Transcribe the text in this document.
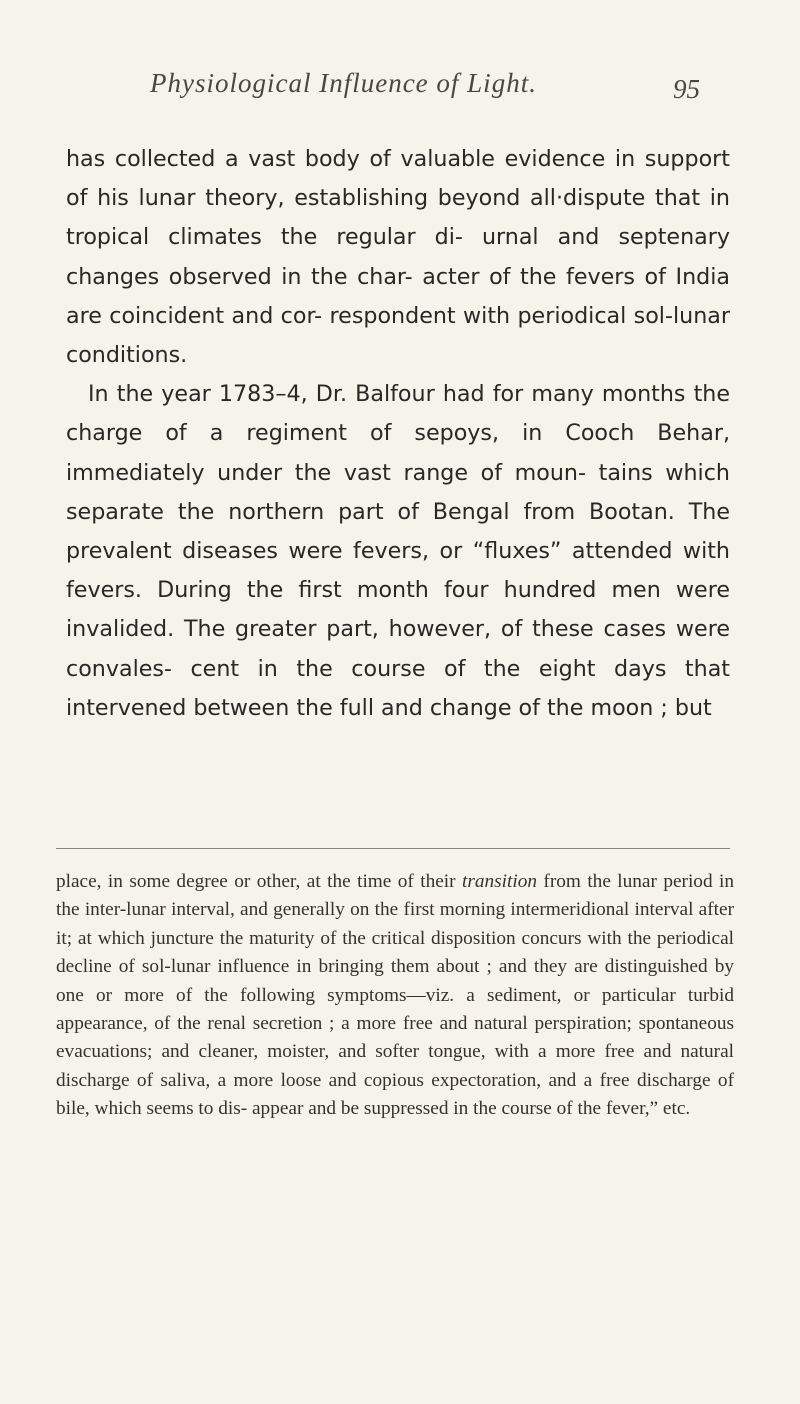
Physiological Influence of Light.	95

has collected a vast body of valuable evidence in support of his lunar theory, establishing beyond all·dispute that in tropical climates the regular di- urnal and septenary changes observed in the char- acter of the fevers of India are coincident and cor- respondent with periodical sol-lunar conditions.

In the year 1783–4, Dr. Balfour had for many months the charge of a regiment of sepoys, in Cooch Behar, immediately under the vast range of moun- tains which separate the northern part of Bengal from Bootan. The prevalent diseases were fevers, or “fluxes” attended with fevers. During the first month four hundred men were invalided. The greater part, however, of these cases were convales- cent in the course of the eight days that intervened between the full and change of the moon ; but

place, in some degree or other, at the time of their transition from the lunar period in the inter-lunar interval, and generally on the first morning intermeridional interval after it; at which juncture the maturity of the critical disposition concurs with the periodical decline of sol-lunar influence in bringing them about ; and they are distinguished by one or more of the following symptoms—viz. a sediment, or particular turbid appearance, of the renal secretion ; a more free and natural perspiration; spontaneous evacuations; and cleaner, moister, and softer tongue, with a more free and natural discharge of saliva, a more loose and copious expectoration, and a free discharge of bile, which seems to dis- appear and be suppressed in the course of the fever,” etc.
